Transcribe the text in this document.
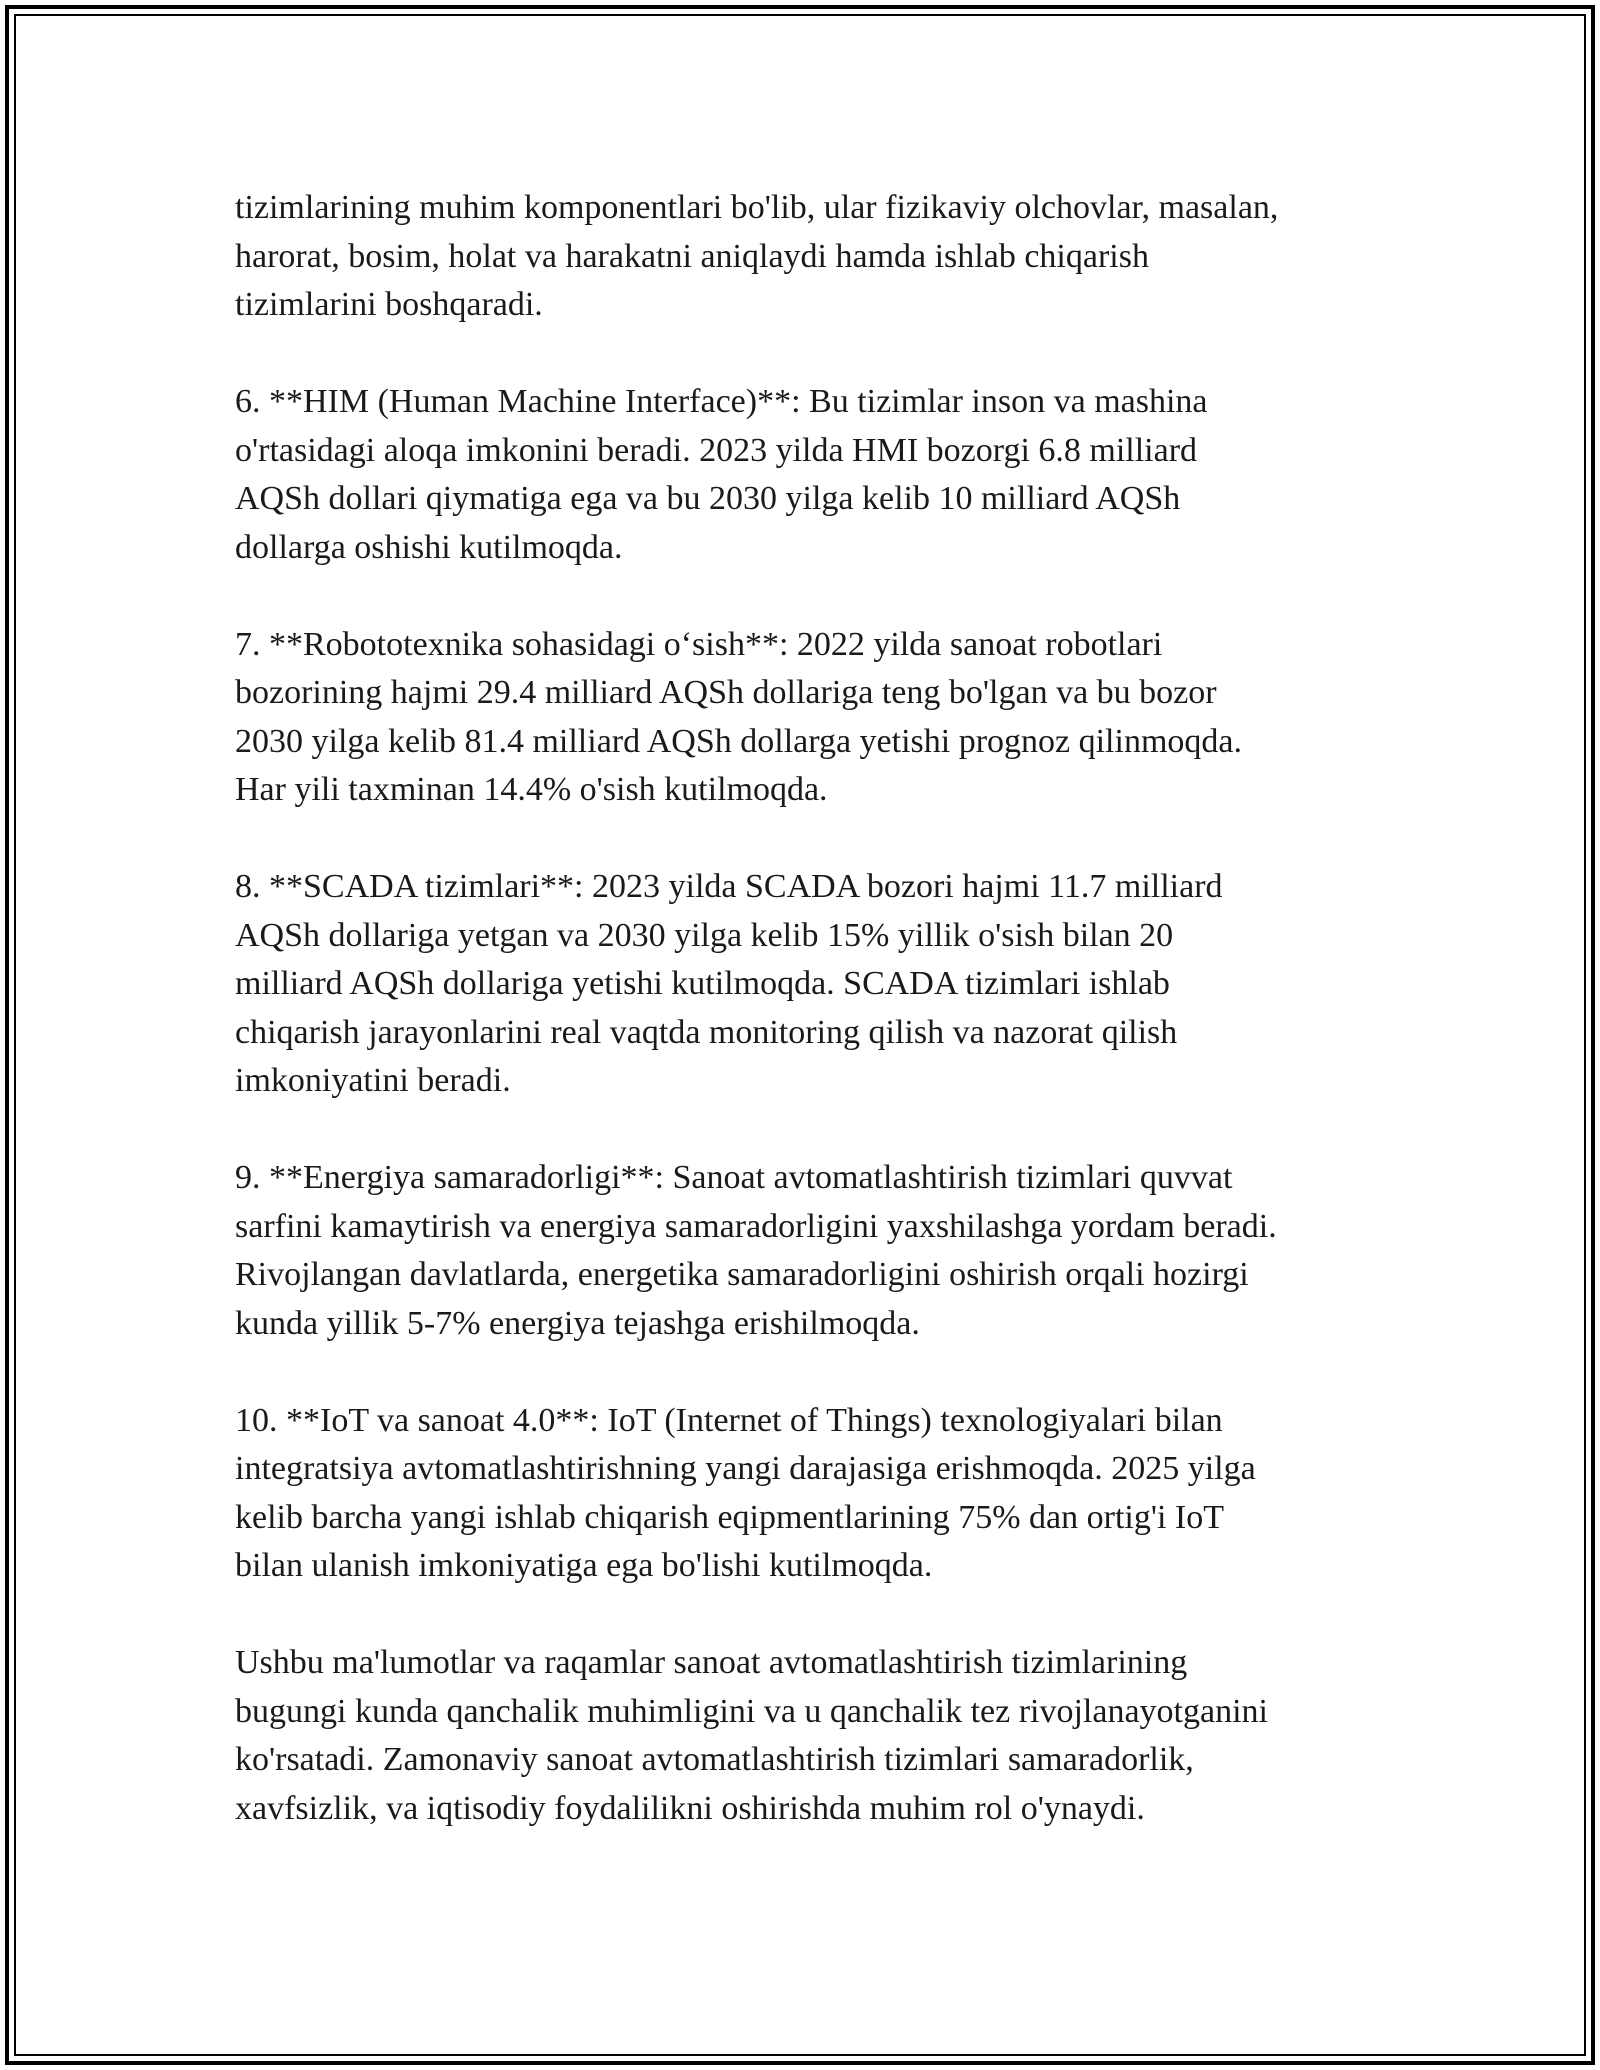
tizimlarining muhim komponentlari bo'lib, ular fizikaviy olchovlar, masalan,
harorat, bosim, holat va harakatni aniqlaydi hamda ishlab chiqarish
tizimlarini boshqaradi.
6. **HIM (Human Machine Interface)**: Bu tizimlar inson va mashina
o'rtasidagi aloqa imkonini beradi. 2023 yilda HMI bozorgi 6.8 milliard
AQSh dollari qiymatiga ega va bu 2030 yilga kelib 10 milliard AQSh
dollarga oshishi kutilmoqda.
7. **Robototexnika sohasidagi o‘sish**: 2022 yilda sanoat robotlari
bozorining hajmi 29.4 milliard AQSh dollariga teng bo'lgan va bu bozor
2030 yilga kelib 81.4 milliard AQSh dollarga yetishi prognoz qilinmoqda.
Har yili taxminan 14.4% o'sish kutilmoqda.
8. **SCADA tizimlari**: 2023 yilda SCADA bozori hajmi 11.7 milliard
AQSh dollariga yetgan va 2030 yilga kelib 15% yillik o'sish bilan 20
milliard AQSh dollariga yetishi kutilmoqda. SCADA tizimlari ishlab
chiqarish jarayonlarini real vaqtda monitoring qilish va nazorat qilish
imkoniyatini beradi.
9. **Energiya samaradorligi**: Sanoat avtomatlashtirish tizimlari quvvat
sarfini kamaytirish va energiya samaradorligini yaxshilashga yordam beradi.
Rivojlangan davlatlarda, energetika samaradorligini oshirish orqali hozirgi
kunda yillik 5-7% energiya tejashga erishilmoqda.
10. **IoT va sanoat 4.0**: IoT (Internet of Things) texnologiyalari bilan
integratsiya avtomatlashtirishning yangi darajasiga erishmoqda. 2025 yilga
kelib barcha yangi ishlab chiqarish eqipmentlarining 75% dan ortig'i IoT
bilan ulanish imkoniyatiga ega bo'lishi kutilmoqda.
Ushbu ma'lumotlar va raqamlar sanoat avtomatlashtirish tizimlarining
bugungi kunda qanchalik muhimligini va u qanchalik tez rivojlanayotganini
ko'rsatadi. Zamonaviy sanoat avtomatlashtirish tizimlari samaradorlik,
xavfsizlik, va iqtisodiy foydalilikni oshirishda muhim rol o'ynaydi.
